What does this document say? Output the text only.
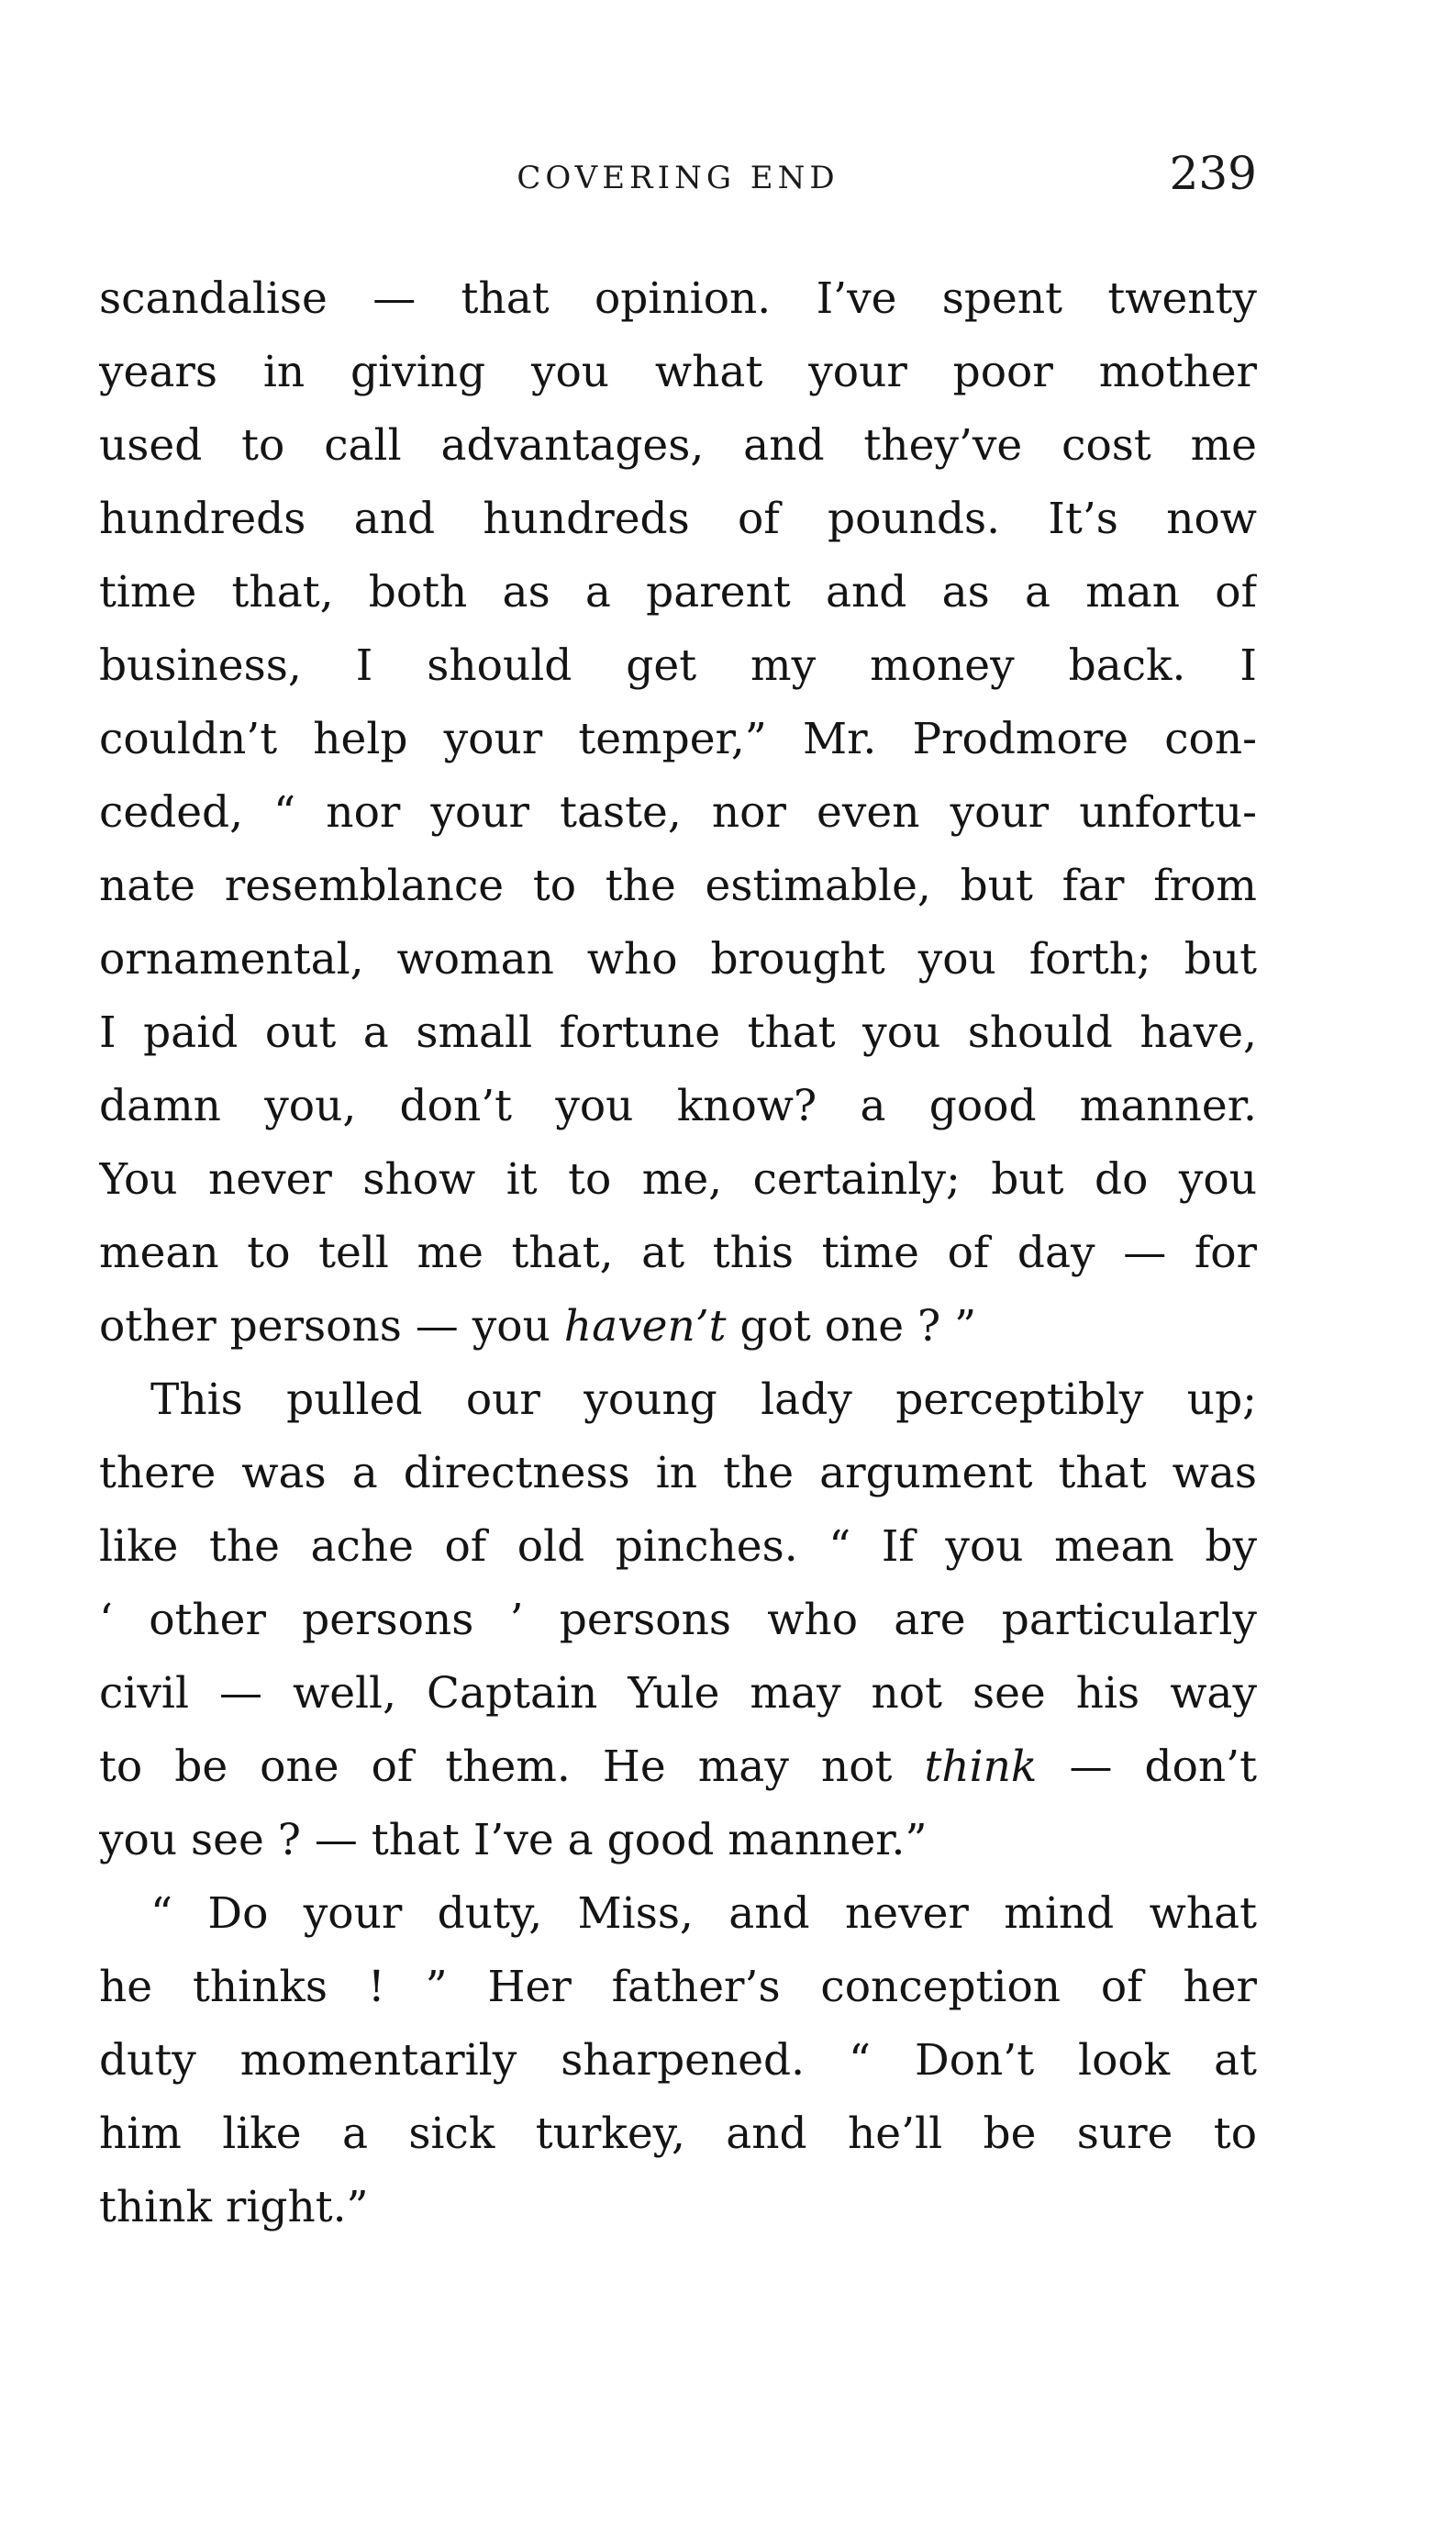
COVERING END	239
scandalise — that opinion. I’ve spent twenty
years in giving you what your poor mother
used to call advantages, and they’ve cost me
hundreds and hundreds of pounds. It’s now
time that, both as a parent and as a man of
business, I should get my money back. I
couldn’t help your temper,” Mr. Prodmore con-
ceded, “ nor your taste, nor even your unfortu-
nate resemblance to the estimable, but far from
ornamental, woman who brought you forth; but
I paid out a small fortune that you should have,
damn you, don’t you know? a good manner.
You never show it to me, certainly; but do you
mean to tell me that, at this time of day — for
other persons — you haven’t got one ? ”
This pulled our young lady perceptibly up;
there was a directness in the argument that was
like the ache of old pinches. “ If you mean by
‘ other persons ’ persons who are particularly
civil — well, Captain Yule may not see his way
to be one of them. He may not think — don’t
you see ? — that I’ve a good manner.”
“ Do your duty, Miss, and never mind what
he thinks ! ” Her father’s conception of her
duty momentarily sharpened. “ Don’t look at
him like a sick turkey, and he’ll be sure to
think right.”
